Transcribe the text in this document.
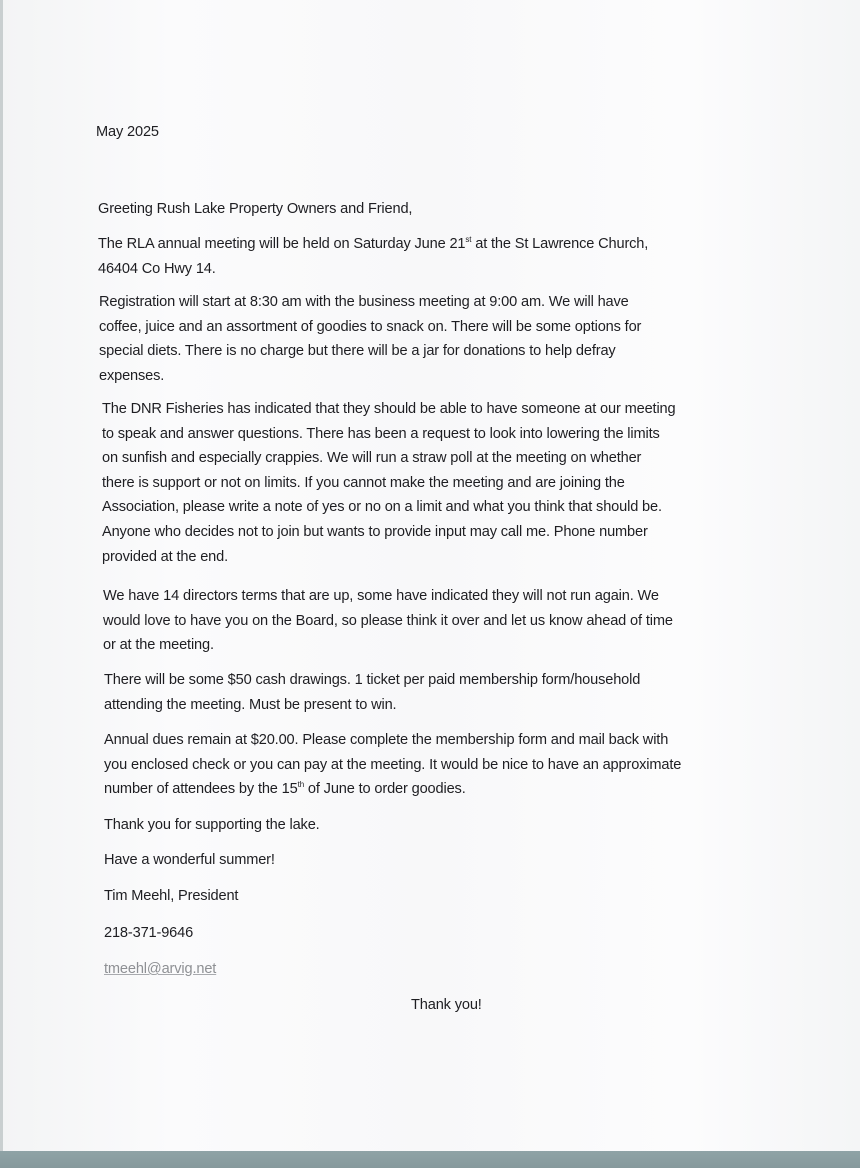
May 2025
Greeting Rush Lake Property Owners and Friend,
The RLA annual meeting will be held on Saturday June 21st at the St Lawrence Church,
46404 Co Hwy 14.
Registration will start at 8:30 am with the business meeting at 9:00 am. We will have
coffee, juice and an assortment of goodies to snack on. There will be some options for
special diets. There is no charge but there will be a jar for donations to help defray
expenses.
The DNR Fisheries has indicated that they should be able to have someone at our meeting
to speak and answer questions. There has been a request to look into lowering the limits
on sunfish and especially crappies. We will run a straw poll at the meeting on whether
there is support or not on limits. If you cannot make the meeting and are joining the
Association, please write a note of yes or no on a limit and what you think that should be.
Anyone who decides not to join but wants to provide input may call me. Phone number
provided at the end.
We have 14 directors terms that are up, some have indicated they will not run again. We
would love to have you on the Board, so please think it over and let us know ahead of time
or at the meeting.
There will be some $50 cash drawings. 1 ticket per paid membership form/household
attending the meeting. Must be present to win.
Annual dues remain at $20.00. Please complete the membership form and mail back with
you enclosed check or you can pay at the meeting. It would be nice to have an approximate
number of attendees by the 15th of June to order goodies.
Thank you for supporting the lake.
Have a wonderful summer!
Tim Meehl, President
218-371-9646
tmeehl@arvig.net
Thank you!
